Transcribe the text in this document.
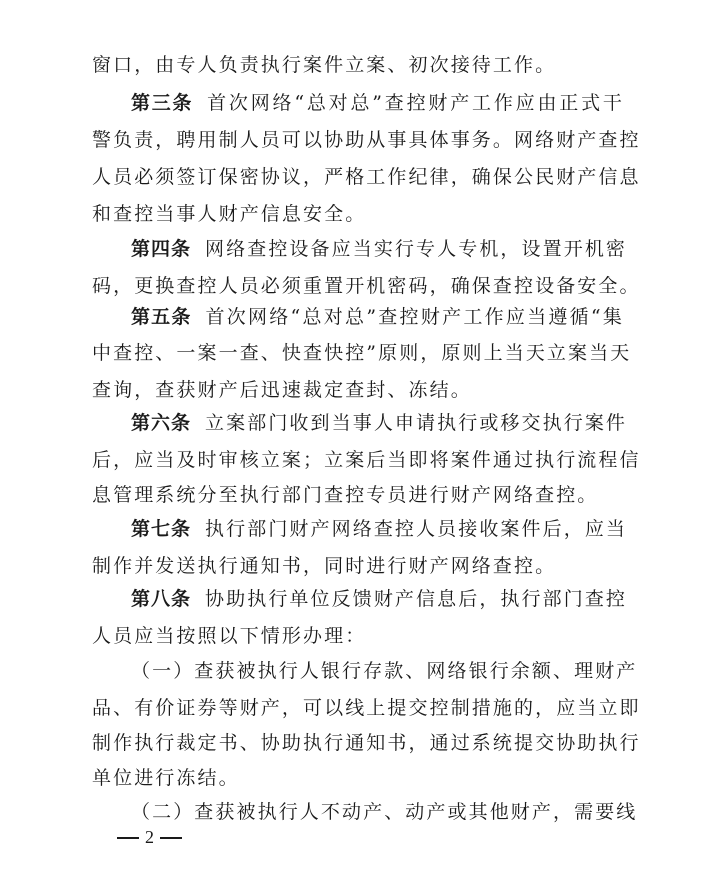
窗口，由专人负责执行案件立案、初次接待工作。
第三条 首次网络“总对总”查控财产工作应由正式干
警负责，聘用制人员可以协助从事具体事务。网络财产查控
人员必须签订保密协议，严格工作纪律，确保公民财产信息
和查控当事人财产信息安全。
第四条 网络查控设备应当实行专人专机，设置开机密
码，更换查控人员必须重置开机密码，确保查控设备安全。
第五条 首次网络“总对总”查控财产工作应当遵循“集
中查控、一案一查、快查快控”原则，原则上当天立案当天
查询，查获财产后迅速裁定查封、冻结。
第六条 立案部门收到当事人申请执行或移交执行案件
后，应当及时审核立案；立案后当即将案件通过执行流程信
息管理系统分至执行部门查控专员进行财产网络查控。
第七条 执行部门财产网络查控人员接收案件后，应当
制作并发送执行通知书，同时进行财产网络查控。
第八条 协助执行单位反馈财产信息后，执行部门查控
人员应当按照以下情形办理：
（一）查获被执行人银行存款、网络银行余额、理财产
品、有价证券等财产，可以线上提交控制措施的，应当立即
制作执行裁定书、协助执行通知书，通过系统提交协助执行
单位进行冻结。
（二）查获被执行人不动产、动产或其他财产，需要线
2
